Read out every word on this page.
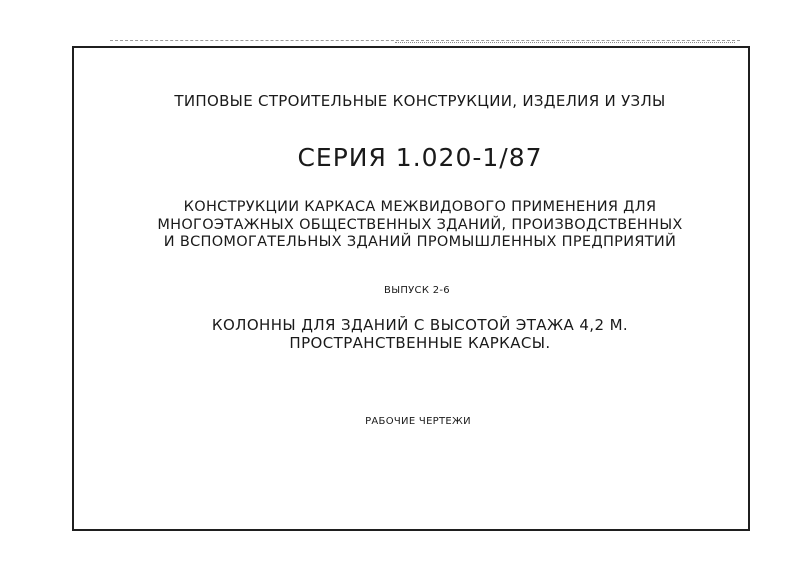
ТИПОВЫЕ СТРОИТЕЛЬНЫЕ КОНСТРУКЦИИ, ИЗДЕЛИЯ И УЗЛЫ
СЕРИЯ 1.020-1/87
КОНСТРУКЦИИ КАРКАСА МЕЖВИДОВОГО ПРИМЕНЕНИЯ ДЛЯ
МНОГОЭТАЖНЫХ ОБЩЕСТВЕННЫХ ЗДАНИЙ, ПРОИЗВОДСТВЕННЫХ
И ВСПОМОГАТЕЛЬНЫХ ЗДАНИЙ ПРОМЫШЛЕННЫХ ПРЕДПРИЯТИЙ
ВЫПУСК 2-6
КОЛОННЫ ДЛЯ ЗДАНИЙ С ВЫСОТОЙ ЭТАЖА 4,2 М.
ПРОСТРАНСТВЕННЫЕ КАРКАСЫ.
РАБОЧИЕ ЧЕРТЕЖИ
